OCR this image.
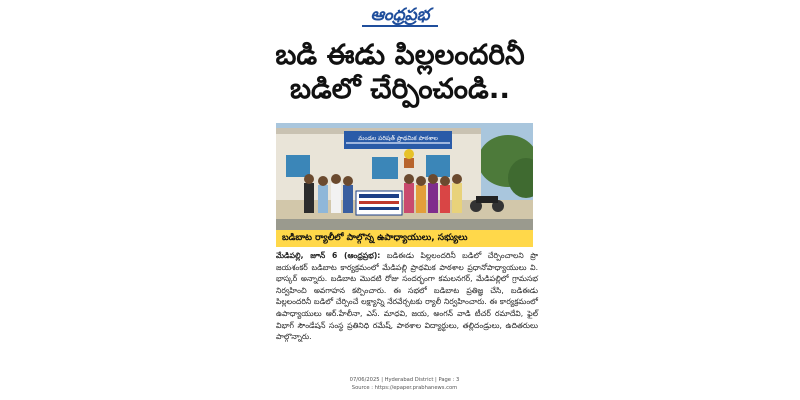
ఆంధ్రప్రభ
బడి ఈడు పిల్లలందరినీ
బడిలో చేర్పించండి..
మండల పరిషత్ ప్రాథమిక పాఠశాల
బడిబాట ర్యాలీలో పాల్గొన్న ఉపాధ్యాయులు, సభ్యులు

మేడిపల్లి, జూన్ 6 (ఆంధ్రప్రభ): బడిఈడు పిల్లలందరినీ బడిలో చేర్పించాలని ప్రొ జయశంకర్ బడిబాట కార్యక్రమంలో మేడిపల్లి ప్రాథమిక పాఠశాల ప్రధానోపాధ్యాయులు వి. భాస్కర్ అన్నారు. బడిబాట మొదటి రోజు సందర్భంగా కమలనగర్, మేడిపల్లిలో గ్రామసభ నిర్వహించి అవగాహన కల్పించారు. ఈ సభలో బడిబాట ప్రతిజ్ఞ చేసి, బడిఈడు పిల్లలందరినీ బడిలో చేర్పించే లక్ష్యాన్ని నేరవేర్చటకు ర్యాలీ నిర్వహించారు. ఈ కార్యక్రమంలో ఉపాధ్యాయులు ఆర్.హేలీనా, ఎస్. మాధవి, జయ, అంగన్ వాడి టీచర్ రమాదేవి, ఫైల్ విభాగ్ సౌండేషన్ సంస్థ ప్రతినిధి రమేష్, పాఠశాల విద్యార్థులు, తల్లిదండ్రులు, ఉదితరులు పాల్గొన్నారు.

07/06/2025 | Hyderabad District | Page : 3
Source : https://epaper.prabhanews.com
